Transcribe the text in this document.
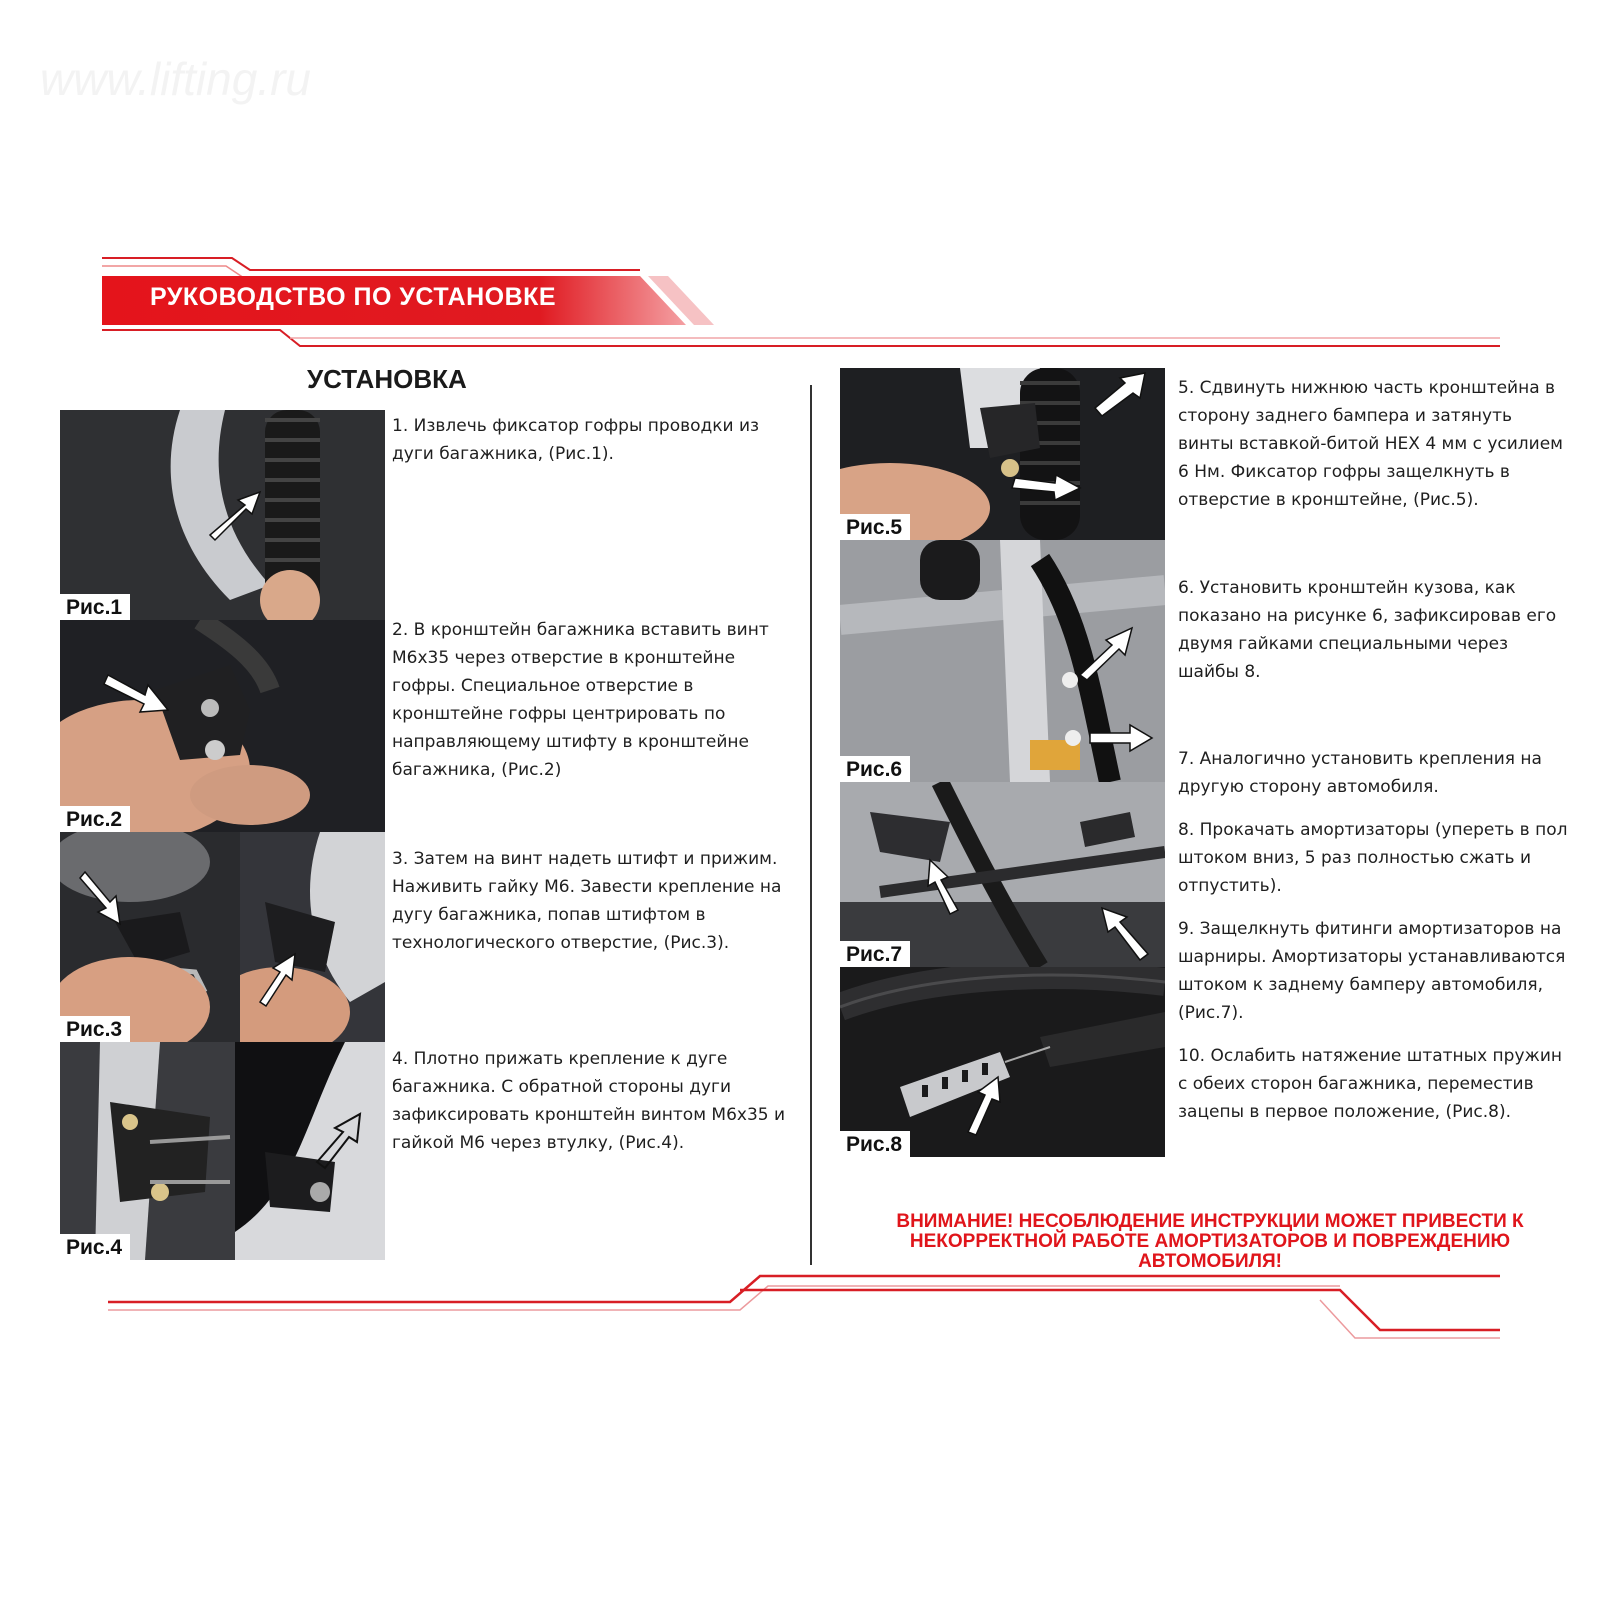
www.lifting.ru
РУКОВОДСТВО ПО УСТАНОВКЕ
УСТАНОВКА
Рис.1
Рис.2
Рис.3
Рис.4
1. Извлечь фиксатор гофры проводки из дуги багажника, (Рис.1).
2. В кронштейн багажника вставить винт М6х35 через отверстие в кронштейне гофры. Специальное отверстие в кронштейне гофры центрировать по направляющему штифту в кронштейне багажника, (Рис.2)
3. Затем на винт надеть штифт и прижим. Наживить гайку М6. Завести крепление на дугу багажника, попав штифтом в технологического отверстие, (Рис.3).
4. Плотно прижать крепление к дуге багажника. С обратной стороны дуги зафиксировать кронштейн винтом М6х35 и гайкой М6 через втулку, (Рис.4).
Рис.5
Рис.6
Рис.7
Рис.8
5. Сдвинуть нижнюю часть кронштейна в сторону заднего бампера и затянуть винты вставкой-битой HEX 4 мм с усилием 6 Нм. Фиксатор гофры защелкнуть в отверстие в кронштейне, (Рис.5).
6. Установить кронштейн кузова, как показано на рисунке 6, зафиксировав его двумя гайками специальными через шайбы 8.
7. Аналогично установить крепления на другую сторону автомобиля.
8. Прокачать амортизаторы (упереть в пол штоком вниз, 5 раз полностью сжать и отпустить).
9. Защелкнуть фитинги амортизаторов на шарниры. Амортизаторы устанавливаются штоком к заднему бамперу автомобиля, (Рис.7).
10. Ослабить натяжение штатных пружин с обеих сторон багажника, переместив зацепы в первое положение, (Рис.8).
ВНИМАНИЕ! НЕСОБЛЮДЕНИЕ ИНСТРУКЦИИ МОЖЕТ ПРИВЕСТИ К НЕКОРРЕКТНОЙ РАБОТЕ АМОРТИЗАТОРОВ И ПОВРЕЖДЕНИЮ АВТОМОБИЛЯ!
